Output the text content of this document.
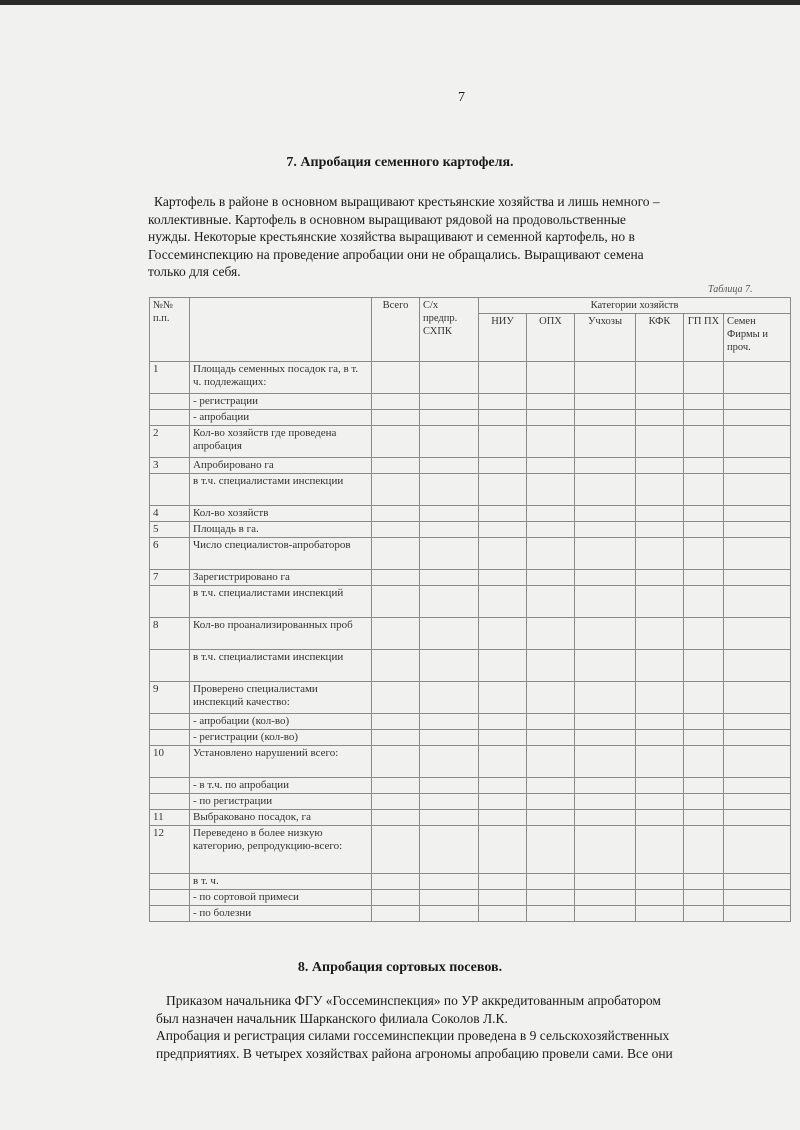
7
7. Апробация семенного картофеля.
Картофель в районе в основном выращивают крестьянские хозяйства и лишь немного –
коллективные. Картофель в основном выращивают рядовой на продовольственные
нужды. Некоторые крестьянские хозяйства выращивают и семенной картофель, но в
Госсеминспекцию на проведение апробации они не обращались. Выращивают семена
только для себя.
Таблица 7.
№№ п.п.		Всего	С/х предпр. СХПК	Категории хозяйств					
				НИУ	ОПХ	Учхозы	КФК	ГП ПХ	Семен Фирмы и проч.
1	Площадь семенных посадок га, в т. ч. подлежащих:								
	- регистрации								
	- апробации								
2	Кол-во хозяйств где проведена апробация								
3	Апробировано га								
	в т.ч. специалистами инспекции								
4	Кол-во хозяйств								
5	Площадь в га.								
6	Число специалистов-апробаторов								
7	Зарегистрировано га								
	в т.ч. специалистами инспекций								
8	Кол-во проанализированных проб								
	в т.ч. специалистами инспекции								
9	Проверено специалистами инспекций качество:								
	- апробации (кол-во)								
	- регистрации (кол-во)								
10	Установлено нарушений всего:								
	- в т.ч. по апробации								
	- по регистрации								
11	Выбраковано посадок, га								
12	Переведено в более низкую категорию, репродукцию-всего:								
	в т. ч.								
	- по сортовой примеси								
	- по болезни								
8. Апробация сортовых посевов.
Приказом начальника ФГУ «Госсеминспекция» по УР аккредитованным апробатором
был назначен начальник Шарканского филиала Соколов Л.К.
Апробация и регистрация силами госсеминспекции проведена в 9 сельскохозяйственных
предприятиях. В четырех хозяйствах района агрономы апробацию провели сами. Все они
